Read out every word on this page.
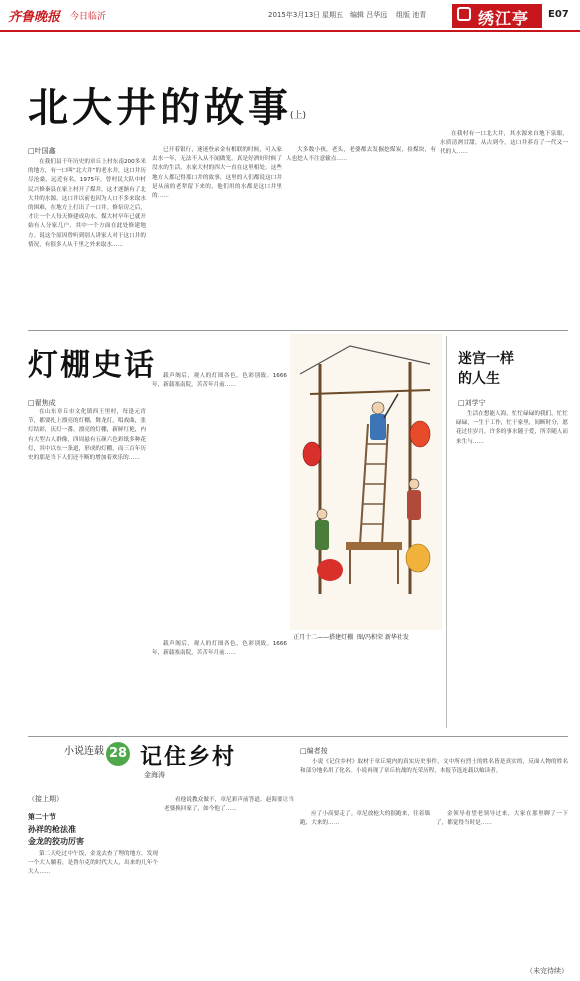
齐鲁晚报 今日临沂	2015年3月13日 星期五 编辑 吕华远 组版 池青	绣江亭 E07
北大井的故事
(上)
□叶国鑫
在我们县千年历史的章丘上村东南200多米的地方，有一口叫“北大井”的老水井，这口井历尽沧桑，远近有名。1975年，曾村民大队中村民兴修秦县在家上村开了煤井，这才逐渐有了北大井的水源。这口井以前也因为人口不多来取水的困难，在地方上打出了一口井。修泵房之后，才让一个人每天修建成功水。煤大村早年已就开始有人分家几户，其中一个方面在此处修建地方。说这个原因曾听到别人讲家人对于这口井的情况，有很多人从千里之外来取水……
已开着银行，迷迷登录金有相联的时候，可入家去水一年，无法不入从不闻做笼，真是好酒好时候了没水的生活，水家大村的四大一直在这里相处。这些地方人都记得那口井的故事，这里的人们都说这口井是从前的老辈留下来的，他们用的水都是这口井里的……
大多数小孩，老头，老婆都去发掘挖煤炭，捡煤块，有人也挖人不注意偷点……
在我村有一口北大井，其水源来自地下泉眼，水质清冽甘甜，从古到今，这口井养育了一代又一代的人……
灯棚史话
□翟焦成
在山东章丘市文化镇西王里村，每逢元宵节，都要扎上漂亮的灯棚，舞龙灯，唱戏曲，张灯结彩，庆灯一番。漂亮的灯棚，新鲜红艳，内有大型古人群像，四周悬有五颜六色彩纸多种花灯，其中以东一条道，形成的灯棚，而三百年历史的那是当下人们还不断的增加着欢乐的……
载声阁后，观人的灯图各色，色彩别致。1666年，新载塞南院，苦苦年月前……
正月十二——搭建灯棚 图/冯积荣 新华社发
载声阁后，观人的灯图各色，色彩别致。1666年，新载塞南院，苦苦年月前……
迷宫一样
的人生
□刘学宁
生活在想能人海，忙忙碌碌的我们，忙忙碌碌，一生于工作，忙于家里，间断时分，愿花过往岁月，许多的事水随于爱，所幸随人而来生与……
小说连载 28 记住乡村
金海涛
□编者按
小说《记住乡村》取材于章丘境内的真实历史事件，文中所有烈士的姓名皆是真实的，反面人物的姓名和部分地名用了化名。小说再现了章丘抗战的光荣历程，本报节选连载以飨读者。
（接上期）
第二十节
孙祥的枪法准
金龙的狡功厉害
第二天吃过中午饭，金龙去查了埋的地方，发现一个大人躺着，是鲁尔克的时代大人，出来的几年个大人……
看他说教众做不，章尼彩声前答道。赵海要让当老婆换回家了，如今他了……
应了小高要走了。章尼放枪大的很跑来，往着墙跑，大来的……
金领导看望老领导过来，大家在那里聊了一下了，都觉得当时是……
（未完待续）
